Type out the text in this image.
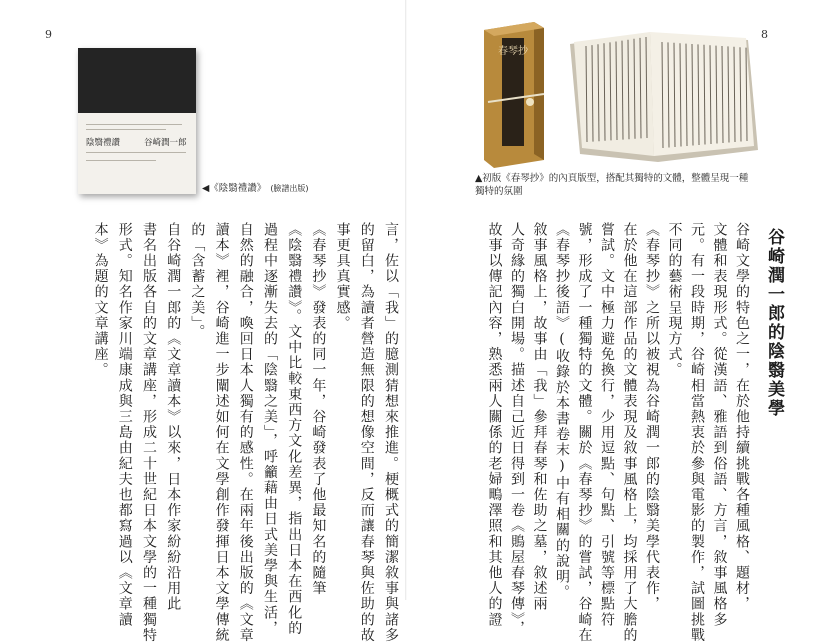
9
陰翳禮讚	谷崎潤一郎
◀《陰翳禮讚》 (臉譜出版)
言，佐以「我」的臆測猜想來推進。梗概式的簡潔敘事與諸多
的留白，為讀者營造無限的想像空間，反而讓春琴與佐助的故
事更具真實感。
《春琴抄》發表的同一年，谷崎發表了他最知名的隨筆
《陰翳禮讚》。文中比較東西方文化差異，指出日本在西化的
過程中逐漸失去的「陰翳之美」，呼籲藉由日式美學與生活，
自然的融合，喚回日本人獨有的感性。在兩年後出版的《文章
讀本》裡，谷崎進一步闡述如何在文學創作發揮日本文學傳統
的「含蓄之美」。
自谷崎潤一郎的《文章讀本》以來，日本作家紛紛沿用此
書名出版各自的文章講座，形成二十世紀日本文學的一種獨特
形式。知名作家川端康成與三島由紀夫也都寫過以《文章讀
本》為題的文章講座。
8
春琴抄
▲初版《春琴抄》的內頁版型，搭配其獨特的文體，整體呈現一種獨特的氛圍
谷崎潤一郎的陰翳美學
谷崎文學的特色之一，在於他持續挑戰各種風格、題材，
文體和表現形式。從漢語、雅語到俗語、方言，敘事風格多
元。有一段時期，谷崎相當熱衷於參與電影的製作，試圖挑戰
不同的藝術呈現方式。
《春琴抄》之所以被視為谷崎潤一郎的陰翳美學代表作，
在於他在這部作品的文體表現及敘事風格上，均採用了大膽的
嘗試。文中極力避免換行，少用逗點、句點、引號等標點符
號，形成了一種獨特的文體。關於《春琴抄》的嘗試，谷崎在
《春琴抄後語》(收錄於本書卷末)中有相關的說明。
敘事風格上，故事由「我」參拜春琴和佐助之墓，敘述兩
人奇緣的獨白開場。描述自己近日得到一卷《鵙屋春琴傳》，
故事以傳記內容，熟悉兩人關係的老婦鴫澤照和其他人的證
